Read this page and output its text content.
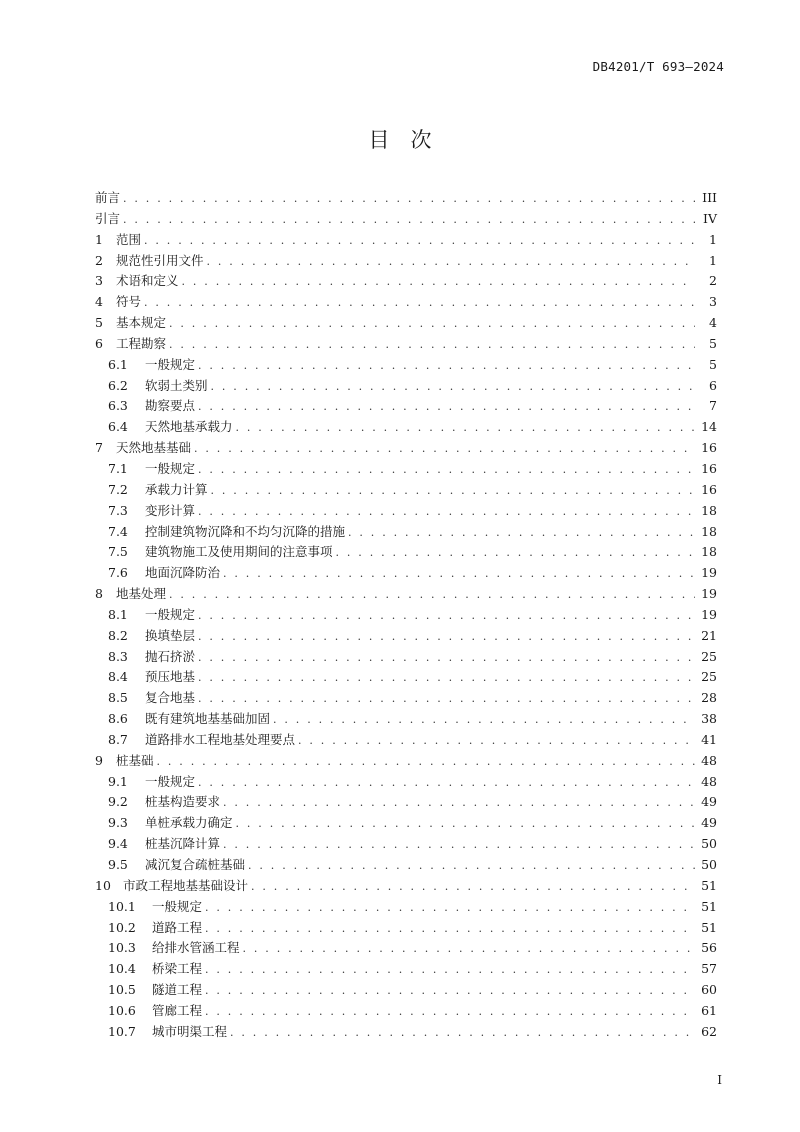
DB4201/T 693—2024
目　次
前言 . . .	III
引言 . . .	IV
1	范围 . . .	1
2	规范性引用文件 . . .	1
3	术语和定义 . . .	2
4	符号 . . .	3
5	基本规定 . . .	4
6	工程勘察 . . .	5
6.1	一般规定 . . .	5
6.2	软弱土类别 . . .	6
6.3	勘察要点 . . .	7
6.4	天然地基承载力 . . .	14
7	天然地基基础 . . .	16
7.1	一般规定 . . .	16
7.2	承载力计算 . . .	16
7.3	变形计算 . . .	18
7.4	控制建筑物沉降和不均匀沉降的措施 . . .	18
7.5	建筑物施工及使用期间的注意事项 . . .	18
7.6	地面沉降防治 . . .	19
8	地基处理 . . .	19
8.1	一般规定 . . .	19
8.2	换填垫层 . . .	21
8.3	抛石挤淤 . . .	25
8.4	预压地基 . . .	25
8.5	复合地基 . . .	28
8.6	既有建筑地基基础加固 . . .	38
8.7	道路排水工程地基处理要点 . . .	41
9	桩基础 . . .	48
9.1	一般规定 . . .	48
9.2	桩基构造要求 . . .	49
9.3	单桩承载力确定 . . .	49
9.4	桩基沉降计算 . . .	50
9.5	减沉复合疏桩基础 . . .	50
10 市政工程地基基础设计 . . .	51
10.1	一般规定 . . .	51
10.2	道路工程 . . .	51
10.3	给排水管涵工程 . . .	56
10.4	桥梁工程 . . .	57
10.5	隧道工程 . . .	60
10.6	管廊工程 . . .	61
10.7	城市明渠工程 . . .	62
I
